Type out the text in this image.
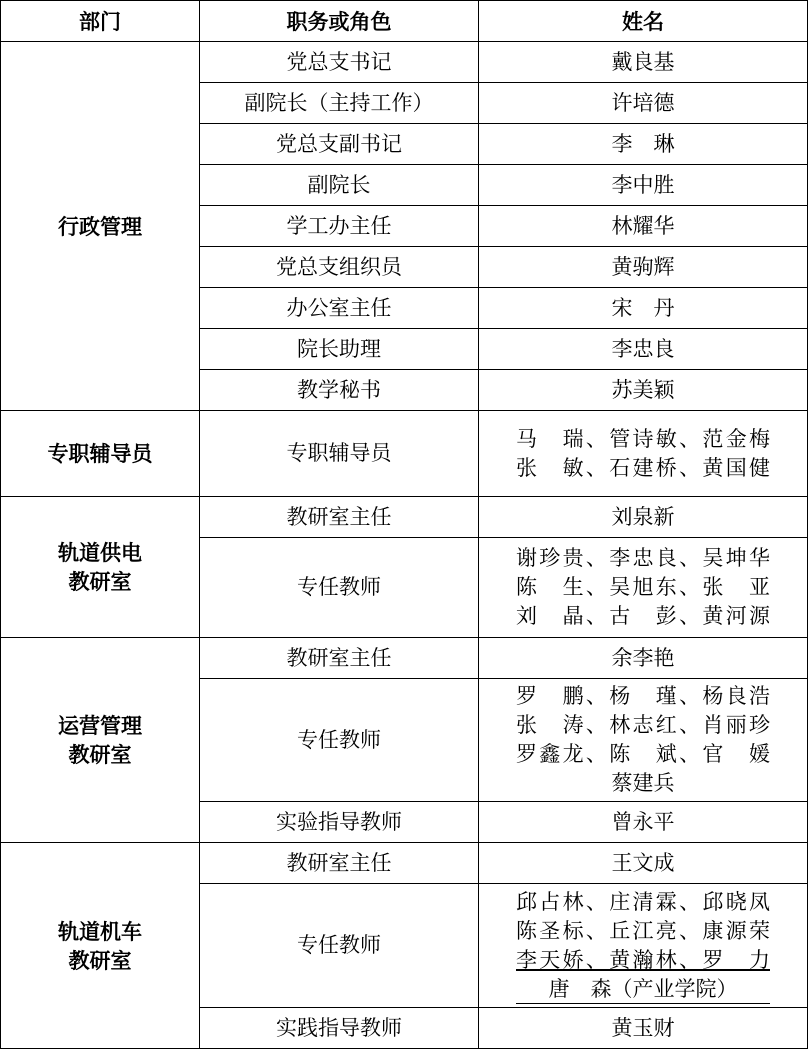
部门	职务或角色	姓名
行政管理	党总支书记	戴良基
	副院长（主持工作）	许培德
	党总支副书记	李　琳
	副院长	李中胜
	学工办主任	林耀华
	党总支组织员	黄驹辉
	办公室主任	宋　丹
	院长助理	李忠良
	教学秘书	苏美颖
专职辅导员	专职辅导员	马　瑞、管诗敏、范金梅
张　敏、石建桥、黄国健

轨道供电
教研室	教研室主任	刘泉新
	专任教师	谢珍贵、李忠良、吴坤华
陈　生、吴旭东、张　亚
刘　晶、古　彭、黄河源

运营管理
教研室	教研室主任	余李艳
	专任教师	罗　鹏、杨　瑾、杨良浩
张　涛、林志红、肖丽珍
罗鑫龙、陈　斌、官　媛
蔡建兵

	实验指导教师	曾永平

轨道机车
教研室	教研室主任	王文成
	专任教师	邱占林、庄清霖、邱晓凤
陈圣标、丘江亮、康源荣
李天娇、黄瀚林、罗　力
唐　森（产业学院）

	实践指导教师	黄玉财
